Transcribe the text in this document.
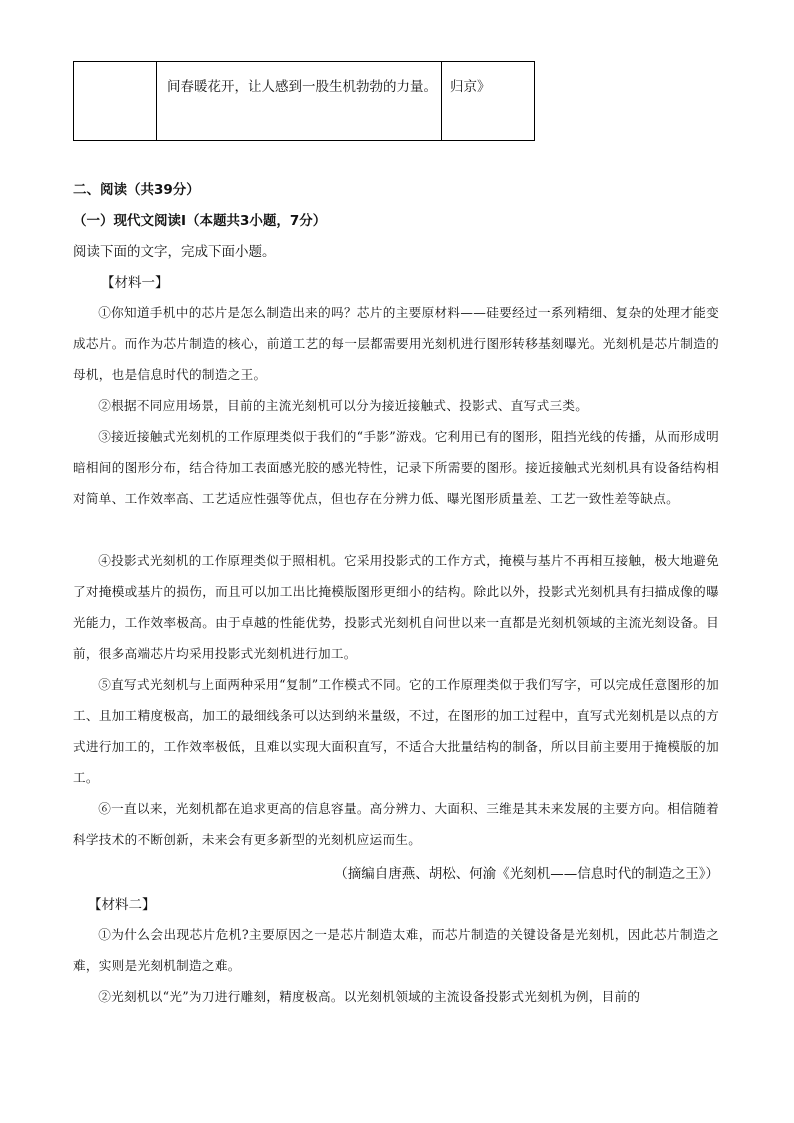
	间春暖花开，让人感到一股生机勃勃的力量。	归京》
二、阅读（共39分）
（一）现代文阅读Ⅰ（本题共3小题，7分）
阅读下面的文字，完成下面小题。
【材料一】

①你知道手机中的芯片是怎么制造出来的吗？芯片的主要原材料——硅要经过一系列精细、复杂的处理才能变成芯片。而作为芯片制造的核心，前道工艺的每一层都需要用光刻机进行图形转移基刻曝光。光刻机是芯片制造的母机，也是信息时代的制造之王。

②根据不同应用场景，目前的主流光刻机可以分为接近接触式、投影式、直写式三类。

③接近接触式光刻机的工作原理类似于我们的“手影”游戏。它利用已有的图形，阻挡光线的传播，从而形成明暗相间的图形分布，结合待加工表面感光胶的感光特性，记录下所需要的图形。接近接触式光刻机具有设备结构相对简单、工作效率高、工艺适应性强等优点，但也存在分辨力低、曝光图形质量差、工艺一致性差等缺点。

④投影式光刻机的工作原理类似于照相机。它采用投影式的工作方式，掩模与基片不再相互接触，极大地避免了对掩模或基片的损伤，而且可以加工出比掩模版图形更细小的结构。除此以外，投影式光刻机具有扫描成像的曝光能力，工作效率极高。由于卓越的性能优势，投影式光刻机自问世以来一直都是光刻机领域的主流光刻设备。目前，很多高端芯片均采用投影式光刻机进行加工。

⑤直写式光刻机与上面两种采用“复制”工作模式不同。它的工作原理类似于我们写字，可以完成任意图形的加工、且加工精度极高，加工的最细线条可以达到纳米量级，不过，在图形的加工过程中，直写式光刻机是以点的方式进行加工的，工作效率极低，且难以实现大面积直写，不适合大批量结构的制备，所以目前主要用于掩模版的加工。

⑥一直以来，光刻机都在追求更高的信息容量。高分辨力、大面积、三维是其未来发展的主要方向。相信随着科学技术的不断创新，未来会有更多新型的光刻机应运而生。

（摘编自唐燕、胡松、何渝《光刻机——信息时代的制造之王》）
【材料二】

①为什么会出现芯片危机?主要原因之一是芯片制造太难，而芯片制造的关键设备是光刻机，因此芯片制造之难，实则是光刻机制造之难。

②光刻机以“光”为刀进行雕刻，精度极高。以光刻机领域的主流设备投影式光刻机为例，目前的
